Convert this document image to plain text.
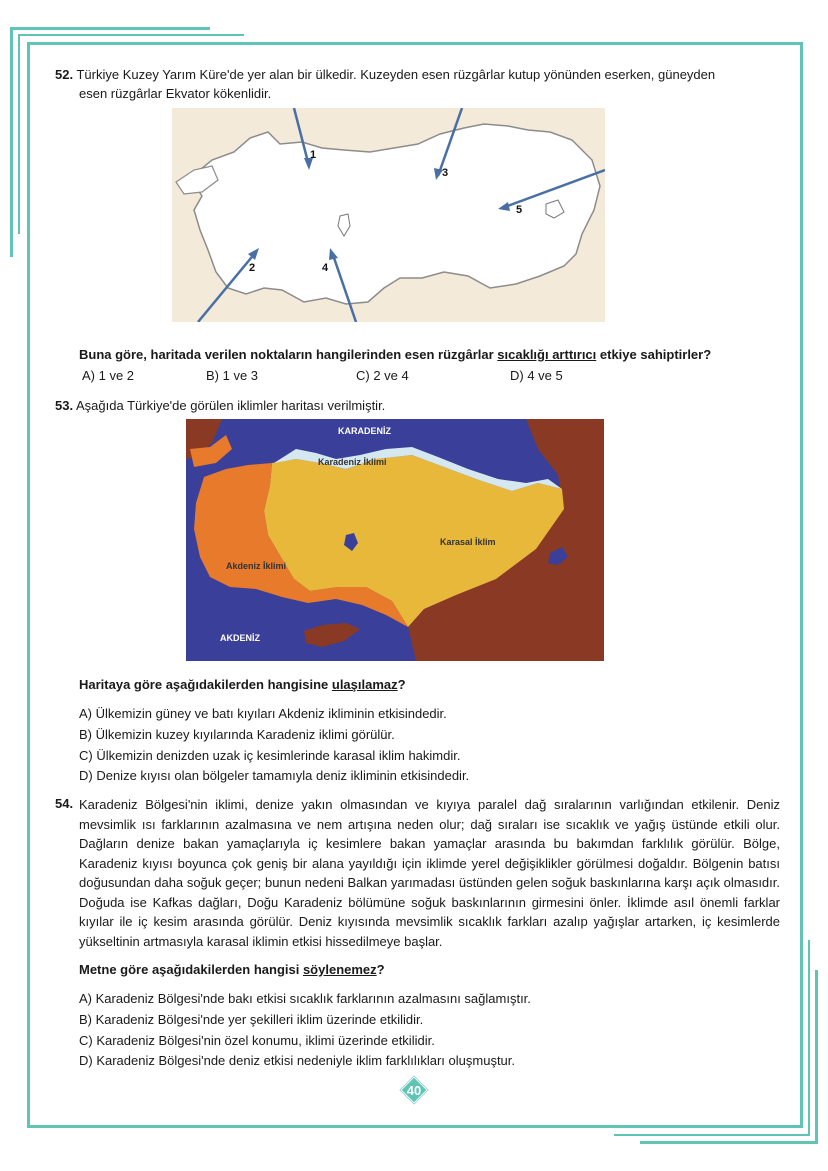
52. Türkiye Kuzey Yarım Küre'de yer alan bir ülkedir. Kuzeyden esen rüzgârlar kutup yönünden eserken, güneyden
esen rüzgârlar Ekvator kökenlidir.
1
2
3
4
5
Buna göre, haritada verilen noktaların hangilerinden esen rüzgârlar sıcaklığı arttırıcı etkiye sahiptirler?
A) 1 ve 2	B) 1 ve 3	C) 2 ve 4	D) 4 ve 5
53. Aşağıda Türkiye'de görülen iklimler haritası verilmiştir.
KARADENİZ
Karadeniz İklimi
Karasal İklim
Akdeniz İklimi
AKDENİZ
Haritaya göre aşağıdakilerden hangisine ulaşılamaz?
A) Ülkemizin güney ve batı kıyıları Akdeniz ikliminin etkisindedir.
B) Ülkemizin kuzey kıyılarında Karadeniz iklimi görülür.
C) Ülkemizin denizden uzak iç kesimlerinde karasal iklim hakimdir.
D) Denize kıyısı olan bölgeler tamamıyla deniz ikliminin etkisindedir.
54. Karadeniz Bölgesi'nin iklimi, denize yakın olmasından ve kıyıya paralel dağ sıralarının varlığından etkilenir. Deniz mevsimlik ısı farklarının azalmasına ve nem artışına neden olur; dağ sıraları ise sıcaklık ve yağış üstünde etkili olur. Dağların denize bakan yamaçlarıyla iç kesimlere bakan yamaçlar arasında bu bakımdan farklılık görülür. Bölge, Karadeniz kıyısı boyunca çok geniş bir alana yayıldığı için iklimde yerel değişiklikler görülmesi doğaldır. Bölgenin batısı doğusundan daha soğuk geçer; bunun nedeni Balkan yarımadası üstünden gelen soğuk baskınlarına karşı açık olmasıdır. Doğuda ise Kafkas dağları, Doğu Karadeniz bölümüne soğuk baskınlarının girmesini önler. İklimde asıl önemli farklar kıyılar ile iç kesim arasında görülür. Deniz kıyısında mevsimlik sıcaklık farkları azalıp yağışlar artarken, iç kesimlerde yükseltinin artmasıyla karasal iklimin etkisi hissedilmeye başlar.
Metne göre aşağıdakilerden hangisi söylenemez?
A) Karadeniz Bölgesi'nde bakı etkisi sıcaklık farklarının azalmasını sağlamıştır.
B) Karadeniz Bölgesi'nde yer şekilleri iklim üzerinde etkilidir.
C) Karadeniz Bölgesi'nin özel konumu, iklimi üzerinde etkilidir.
D) Karadeniz Bölgesi'nde deniz etkisi nedeniyle iklim farklılıkları oluşmuştur.
40
